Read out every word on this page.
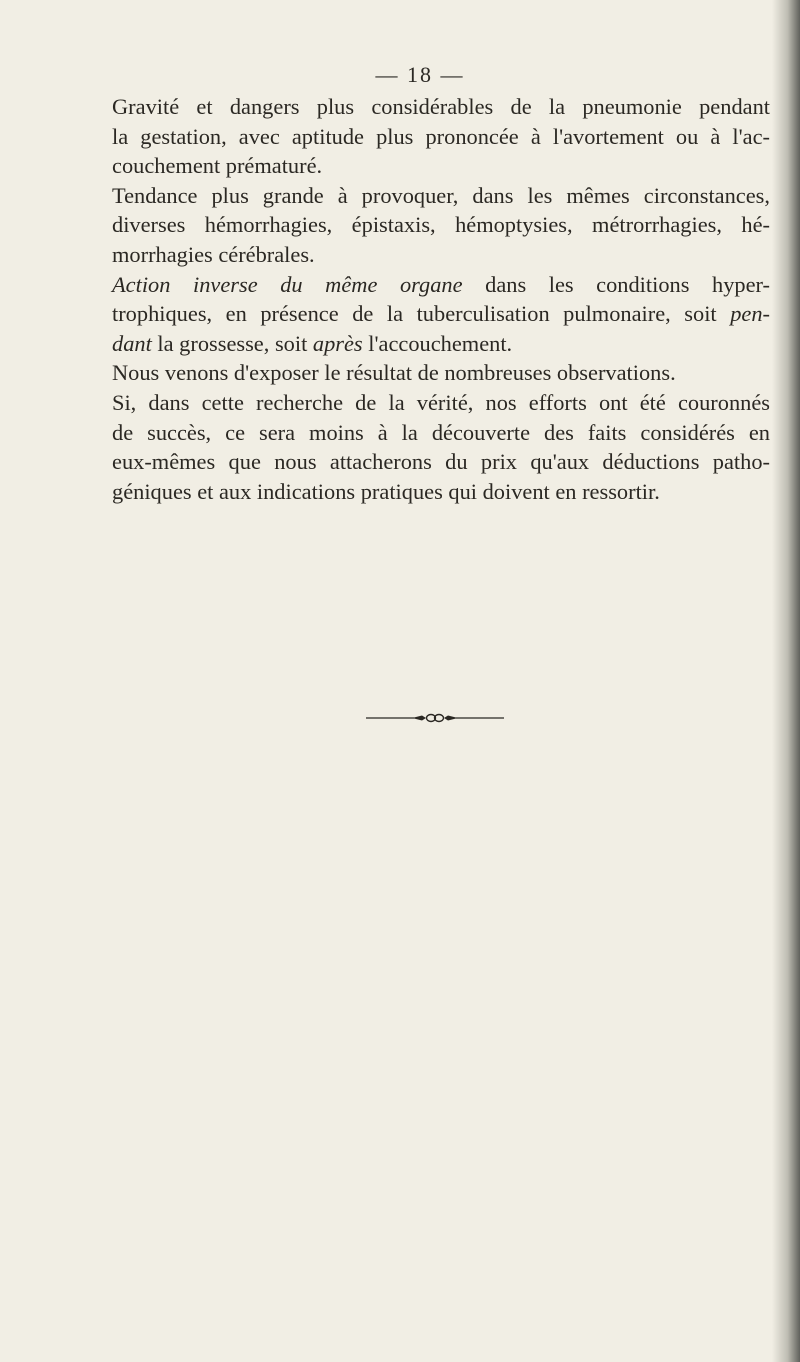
— 18 —
Gravité et dangers plus considérables de la pneumonie pendant
la gestation, avec aptitude plus prononcée à l'avortement ou à l'ac-
couchement prématuré.
Tendance plus grande à provoquer, dans les mêmes circonstances,
diverses hémorrhagies, épistaxis, hémoptysies, métrorrhagies, hé-
morrhagies cérébrales.
Action inverse du même organe dans les conditions hyper-
trophiques, en présence de la tuberculisation pulmonaire, soit pen-
dant la grossesse, soit après l'accouchement.
Nous venons d'exposer le résultat de nombreuses observations.
Si, dans cette recherche de la vérité, nos efforts ont été couronnés
de succès, ce sera moins à la découverte des faits considérés en
eux-mêmes que nous attacherons du prix qu'aux déductions patho-
géniques et aux indications pratiques qui doivent en ressortir.
